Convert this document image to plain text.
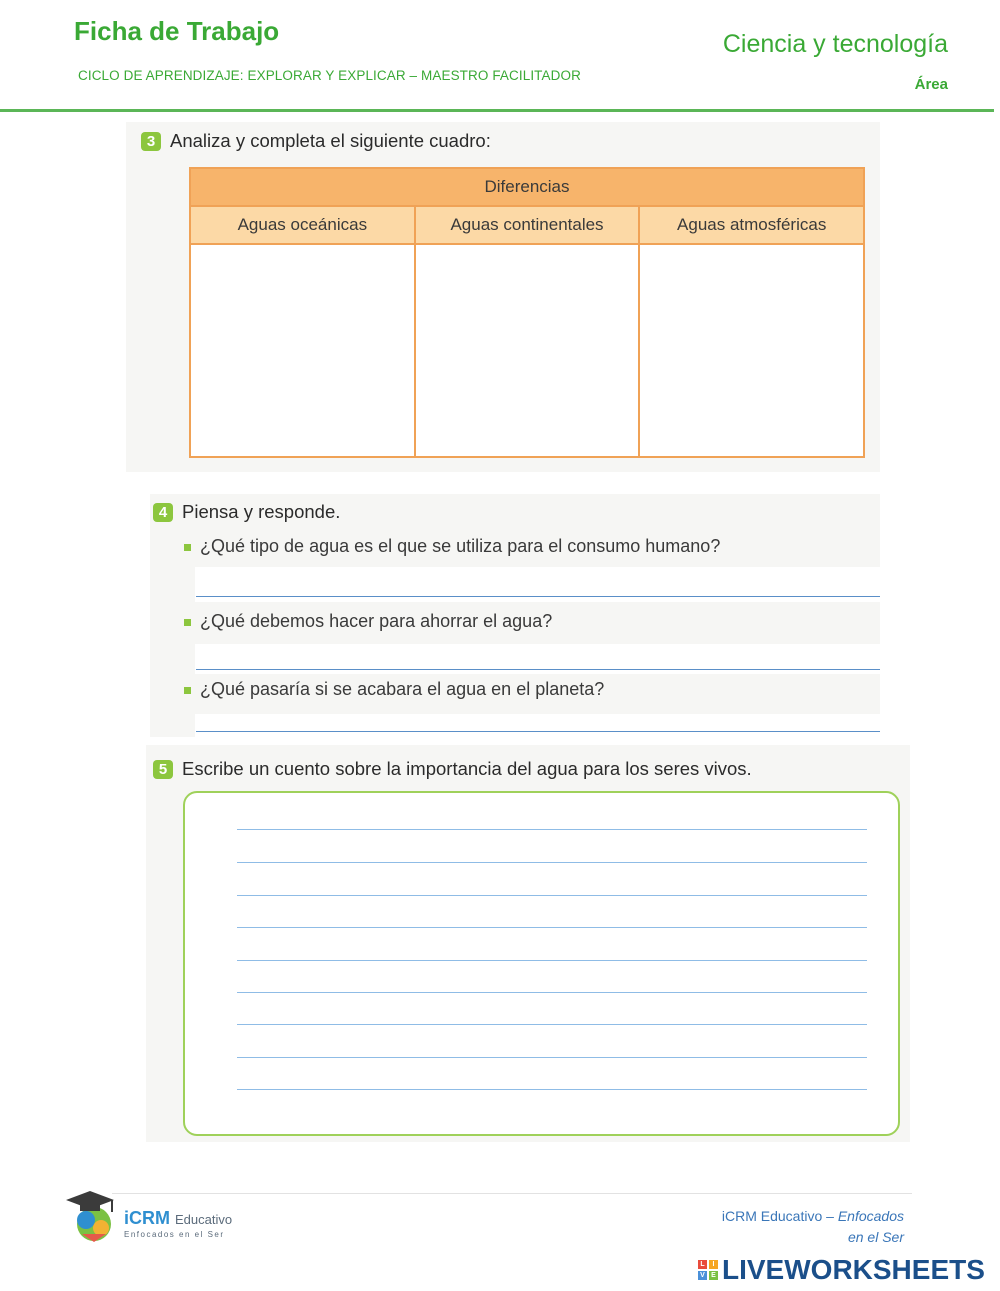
Ficha de Trabajo
CICLO DE APRENDIZAJE: EXPLORAR Y EXPLICAR – MAESTRO FACILITADOR
Ciencia y tecnología
Área
3 Analiza y completa el siguiente cuadro:
Diferencias
Aguas oceánicas	Aguas continentales	Aguas atmosféricas
4 Piensa y responde.
¿Qué tipo de agua es el que se utiliza para el consumo humano?
¿Qué debemos hacer para ahorrar el agua?
¿Qué pasaría si se acabara el agua en el planeta?
5 Escribe un cuento sobre la importancia del agua para los seres vivos.
iCRM Educativo
Enfocados en el Ser
iCRM Educativo – Enfocados
en el Ser
L	I
V E LIVEWORKSHEETS
